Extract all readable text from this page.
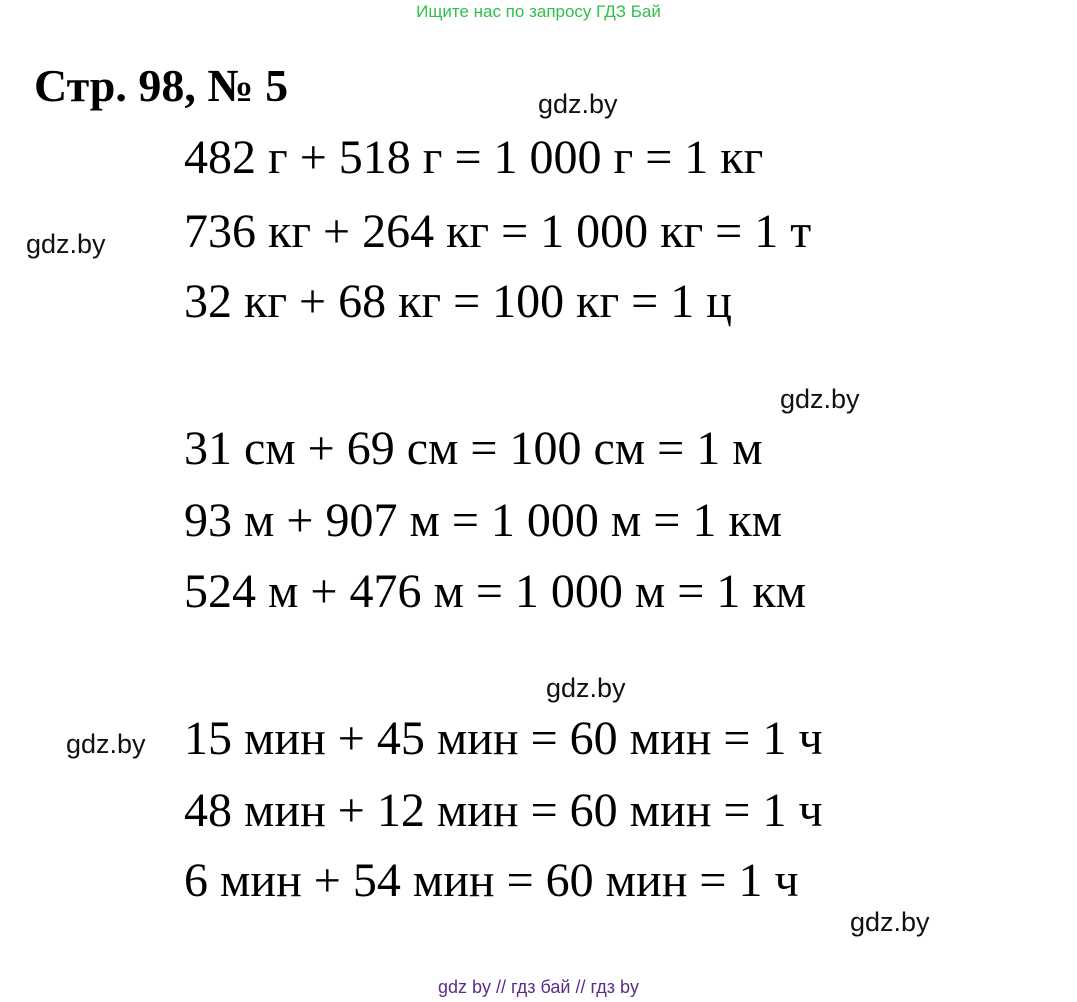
Ищите нас по запросу ГДЗ Бай
Стр. 98, № 5	gdz.by
gdz.by
gdz.by
gdz.by
gdz.by
gdz.by
482 г + 518 г = 1 000 г = 1 кг
736 кг + 264 кг = 1 000 кг = 1 т
32 кг + 68 кг = 100 кг = 1 ц
31 см + 69 см = 100 см = 1 м
93 м + 907 м = 1 000 м = 1 км
524 м + 476 м = 1 000 м = 1 км
15 мин + 45 мин = 60 мин = 1 ч
48 мин + 12 мин = 60 мин = 1 ч
6 мин + 54 мин = 60 мин = 1 ч
gdz by // гдз бай // гдз by
